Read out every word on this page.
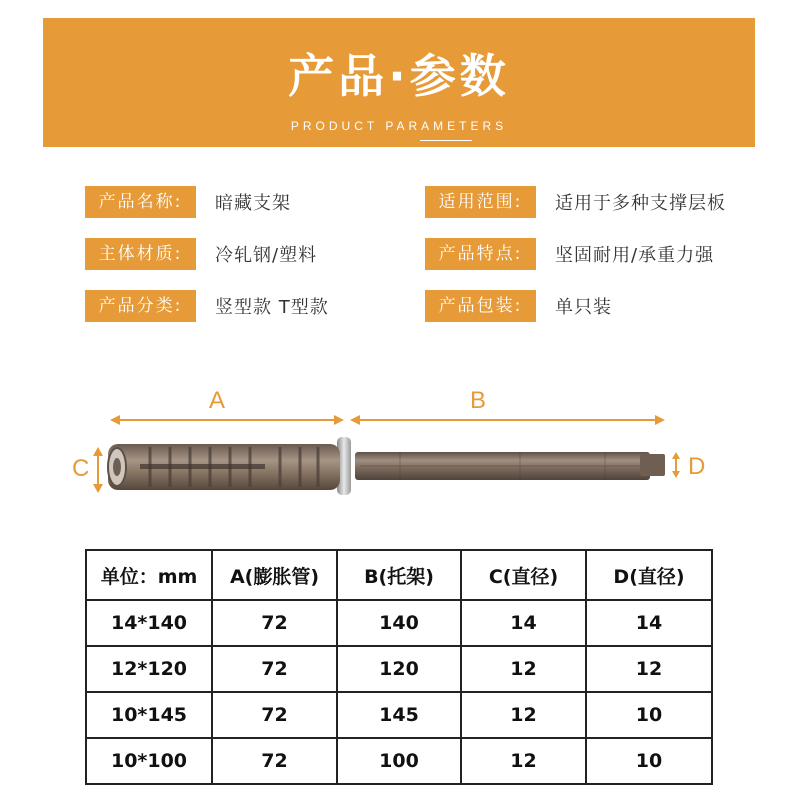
产品·参数
PRODUCT PARAMETERS
产品名称:	暗藏支架	适用范围:	适用于多种支撑层板
主体材质:	冷轧钢/塑料	产品特点:	坚固耐用/承重力强
产品分类:	竖型款 T型款	产品包装:	单只装
A	B
C	D
单位：mm	A(膨胀管)	B(托架)	C(直径)	D(直径)
14*140	72	140	14	14
12*120	72	120	12	12
10*145	72	145	12	10
10*100	72	100	12	10
